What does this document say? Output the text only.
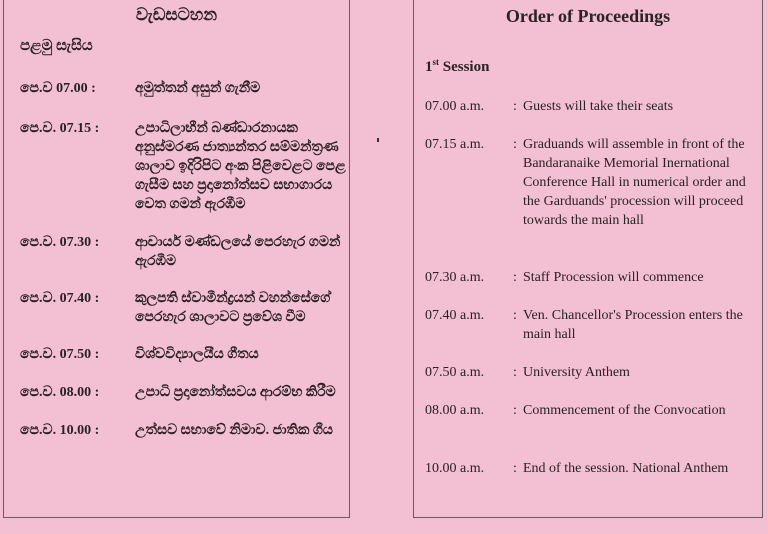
වැඩසටහන
පළමු සැසිය
පෙ.ව 07.00 :	අමුත්තන් අසුන් ගැනීම
පෙ.ව. 07.15 :	උපාධිලාභීන් බණ්ඩාරනායක අනුස්මරණ ජාත්‍යන්තර සම්මන්ත්‍රණ ශාලාව ඉදිරිපිට අංක පිළිවෙළට පෙළ ගැසීම සහ ප්‍රදානෝත්සව සභාගාරය වෙත ගමන් ඇරඹීම
පෙ.ව. 07.30 :	ආචාර්ය මණ්ඩලයේ පෙරහැර ගමන් ඇරඹීම
පෙ.ව. 07.40 :	කුලපති ස්වාමීන්ද්‍රයන් වහන්සේගේ පෙරහැර ශාලාවට ප්‍රවේශ වීම
පෙ.ව. 07.50 :	විශ්වවිද්‍යාලයීය ගීතය
පෙ.ව. 08.00 :	උපාධි ප්‍රදානෝත්සවය ආරම්භ කිරීම
පෙ.ව. 10.00 :	උත්සව සභාවේ නිමාව. ජාතික ගීය
Order of Proceedings
1st Session
07.00 a.m.	: Guests will take their seats
07.15 a.m.	: Graduands will assemble in front of the Bandaranaike Memorial Inernational Conference Hall in numerical order and the Garduands' procession will proceed towards the main hall
07.30 a.m.	: Staff Procession will commence
07.40 a.m.	: Ven. Chancellor's Procession enters the main hall
07.50 a.m.	: University Anthem
08.00 a.m.	: Commencement of the Convocation
10.00 a.m.	: End of the session. National Anthem
